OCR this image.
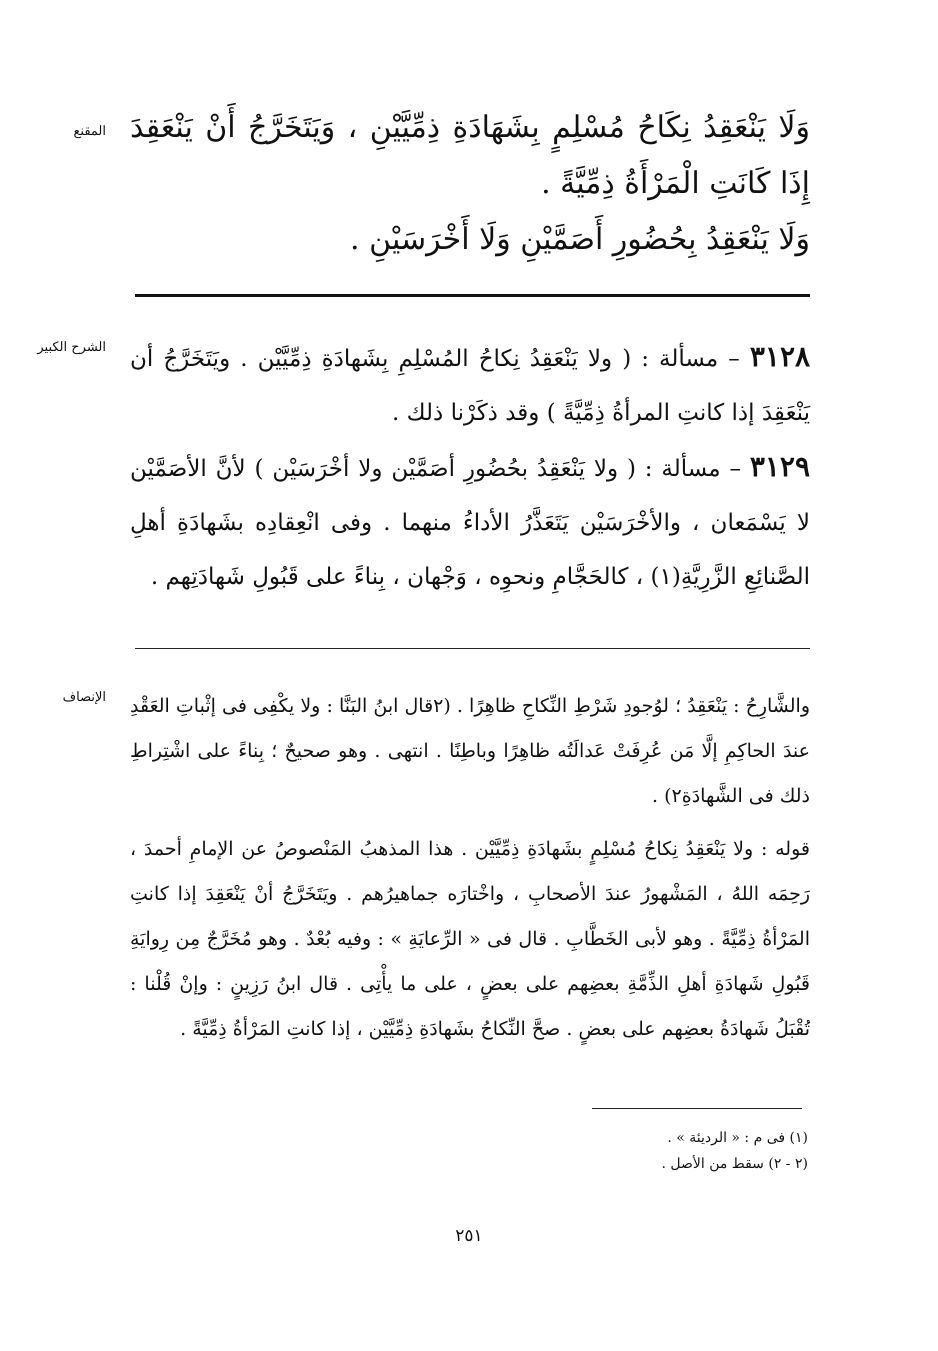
المقنع وَلَا يَنْعَقِدُ نِكَاحُ مُسْلِمٍ بِشَهَادَةِ ذِمِّيَّيْنِ ، وَيَتَخَرَّجُ أَنْ يَنْعَقِدَ إِذَا كَانَتِ الْمَرْأَةُ ذِمِّيَّةً .

وَلَا يَنْعَقِدُ بِحُضُورِ أَصَمَّيْنِ وَلَا أَخْرَسَيْنِ .

الشرح الكبير	٣١٢٨ – مسألة : ( ولا يَنْعَقِدُ نِكاحُ المُسْلِمِ بِشَهادَةِ ذِمِّيَّيْن . ويَتَخَرَّجُ أن يَنْعَقِدَ إذا كانتِ المرأةُ ذِمِّيَّةً ) وقد ذكَرْنا ذلك .

٣١٢٩ – مسألة : ( ولا يَنْعَقِدُ بحُضُورِ أصَمَّيْن ولا أخْرَسَيْن ) لأنَّ الأصَمَّيْن لا يَسْمَعان ، والأخْرَسَيْن يَتَعَذَّرُ الأداءُ منهما . وفى انْعِقادِه بشَهادَةِ أهلِ الصَّنائِعِ الزَّرِيَّةِ(١) ، كالحَجَّامِ ونحوِه ، وَجْهان ، بِناءً على قَبُولِ شَهادَتِهم .

الإنصاف والشَّارِحُ : يَنْعَقِدُ ؛ لوُجودِ شَرْطِ النِّكاحِ ظاهِرًا . (٢قال ابنُ البَنَّا : ولا يكْفِى فى إثْباتِ العَقْدِ عندَ الحاكِمِ إلَّا مَن عُرِفَتْ عَدالَتُه ظاهِرًا وباطِنًا . انتهى . وهو صحيحٌ ؛ بِناءً على اشْتِراطِ ذلك فى الشَّهادَةِ٢) .

قوله : ولا يَنْعَقِدُ نِكاحُ مُسْلِمٍ بشَهادَةِ ذِمِّيَّيْن . هذا المذهبُ المَنْصوصُ عن الإمامِ أحمدَ ، رَحِمَه اللهُ ، المَشْهورُ عندَ الأصحابِ ، واخْتارَه جماهيرُهم . ويَتَخَرَّجُ أنْ يَنْعَقِدَ إذا كانتِ المَرْأةُ ذِمِّيَّةً . وهو لأبى الخَطَّابِ . قال فى « الرِّعايَةِ » : وفيه بُعْدٌ . وهو مُخَرَّجٌ مِن رِوايَةِ قَبُولِ شَهادَةِ أهلِ الذِّمَّةِ بعضِهم على بعضٍ ، على ما يأْتِى . قال ابنُ رَزِينٍ : وإنْ قُلْنا : تُقْبَلُ شَهادَةُ بعضِهم على بعضٍ . صحَّ النِّكاحُ بشَهادَةِ ذِمِّيَّيْن ، إذا كانتِ المَرْأةُ ذِمِّيَّةً .

(١) فى م : « الرديئة » .
(٢ - ٢) سقط من الأصل .
٢٥١
